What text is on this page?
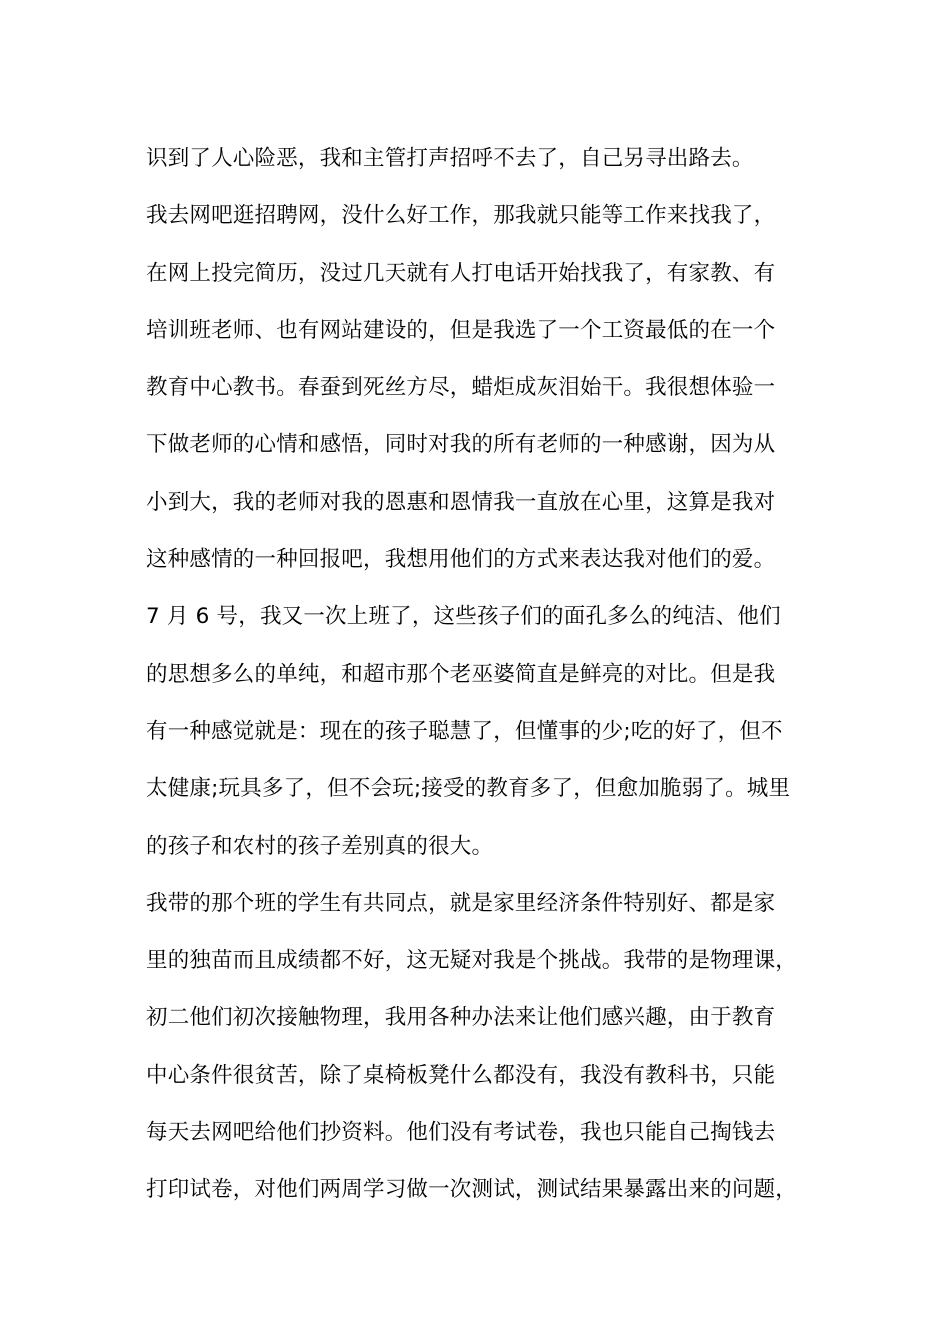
识到了人心险恶，我和主管打声招呼不去了，自己另寻出路去。
我去网吧逛招聘网，没什么好工作，那我就只能等工作来找我了，
在网上投完简历，没过几天就有人打电话开始找我了，有家教、有
培训班老师、也有网站建设的，但是我选了一个工资最低的在一个
教育中心教书。春蚕到死丝方尽，蜡炬成灰泪始干。我很想体验一
下做老师的心情和感悟，同时对我的所有老师的一种感谢，因为从
小到大，我的老师对我的恩惠和恩情我一直放在心里，这算是我对
这种感情的一种回报吧，我想用他们的方式来表达我对他们的爱。
7 月 6 号，我又一次上班了，这些孩子们的面孔多么的纯洁、他们
的思想多么的单纯，和超市那个老巫婆简直是鲜亮的对比。但是我
有一种感觉就是：现在的孩子聪慧了，但懂事的少;吃的好了，但不
太健康;玩具多了，但不会玩;接受的教育多了，但愈加脆弱了。城里
的孩子和农村的孩子差别真的很大。
我带的那个班的学生有共同点，就是家里经济条件特别好、都是家
里的独苗而且成绩都不好，这无疑对我是个挑战。我带的是物理课，
初二他们初次接触物理，我用各种办法来让他们感兴趣，由于教育
中心条件很贫苦，除了桌椅板凳什么都没有，我没有教科书，只能
每天去网吧给他们抄资料。他们没有考试卷，我也只能自己掏钱去
打印试卷，对他们两周学习做一次测试，测试结果暴露出来的问题，
